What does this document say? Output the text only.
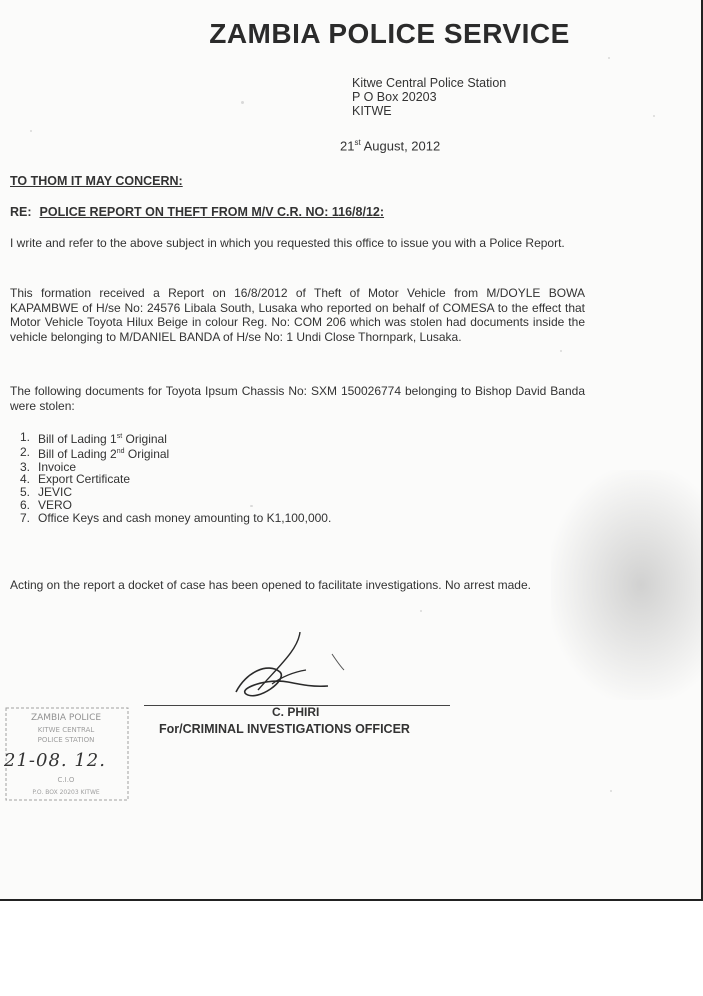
ZAMBIA POLICE SERVICE
Kitwe Central Police Station
P O Box 20203
KITWE
21st August, 2012
TO THOM IT MAY CONCERN:
RE: POLICE REPORT ON THEFT FROM M/V C.R. NO: 116/8/12:
I write and refer to the above subject in which you requested this office to issue you with a Police Report.
This formation received a Report on 16/8/2012 of Theft of Motor Vehicle from M/DOYLE BOWA KAPAMBWE of H/se No: 24576 Libala South, Lusaka who reported on behalf of COMESA to the effect that Motor Vehicle Toyota Hilux Beige in colour Reg. No: COM 206 which was stolen had documents inside the vehicle belonging to M/DANIEL BANDA of H/se No: 1 Undi Close Thornpark, Lusaka.
The following documents for Toyota Ipsum Chassis No: SXM 150026774 belonging to Bishop David Banda were stolen:
1. Bill of Lading 1st Original
2. Bill of Lading 2nd Original
3. Invoice
4. Export Certificate
5. JEVIC
6. VERO
7. Office Keys and cash money amounting to K1,100,000.
Acting on the report a docket of case has been opened to facilitate investigations. No arrest made.
C. PHIRI
For/CRIMINAL INVESTIGATIONS OFFICER
ZAMBIA POLICE
KITWE CENTRAL
POLICE STATION
C.I.O
P.O. BOX 20203 KITWE
21-08. 12.
